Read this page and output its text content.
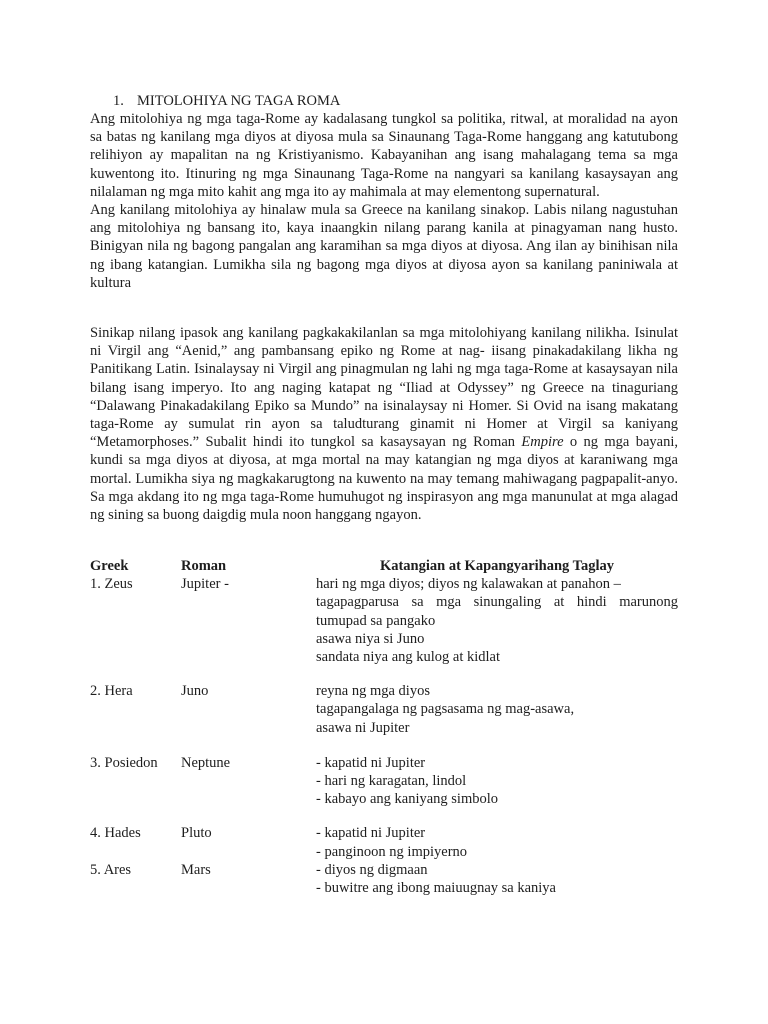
1. MITOLOHIYA NG TAGA ROMA

Ang mitolohiya ng mga taga-Rome ay kadalasang tungkol sa politika, ritwal, at moralidad na ayon sa batas ng kanilang mga diyos at diyosa mula sa Sinaunang Taga-Rome hanggang ang katutubong relihiyon ay mapalitan na ng Kristiyanismo. Kabayanihan ang isang mahalagang tema sa mga kuwentong ito. Itinuring ng mga Sinaunang Taga-Rome na nangyari sa kanilang kasaysayan ang nilalaman ng mga mito kahit ang mga ito ay mahimala at may elementong supernatural.

Ang kanilang mitolohiya ay hinalaw mula sa Greece na kanilang sinakop. Labis nilang nagustuhan ang mitolohiya ng bansang ito, kaya inaangkin nilang parang kanila at pinagyaman nang husto. Binigyan nila ng bagong pangalan ang karamihan sa mga diyos at diyosa. Ang ilan ay binihisan nila ng ibang katangian. Lumikha sila ng bagong mga diyos at diyosa ayon sa kanilang paniniwala at kultura

Sinikap nilang ipasok ang kanilang pagkakakilanlan sa mga mitolohiyang kanilang nilikha. Isinulat ni Virgil ang “Aenid,” ang pambansang epiko ng Rome at nag- iisang pinakadakilang likha ng Panitikang Latin. Isinalaysay ni Virgil ang pinagmulan ng lahi ng mga taga-Rome at kasaysayan nila bilang isang imperyo. Ito ang naging katapat ng “Iliad at Odyssey” ng Greece na tinaguriang “Dalawang Pinakadakilang Epiko sa Mundo” na isinalaysay ni Homer. Si Ovid na isang makatang taga-Rome ay sumulat rin ayon sa taludturang ginamit ni Homer at Virgil sa kaniyang “Metamorphoses.” Subalit hindi ito tungkol sa kasaysayan ng Roman Empire o ng mga bayani, kundi sa mga diyos at diyosa, at mga mortal na may katangian ng mga diyos at karaniwang mga mortal. Lumikha siya ng magkakarugtong na kuwento na may temang mahiwagang pagpapalit-anyo. Sa mga akdang ito ng mga taga-Rome humuhugot ng inspirasyon ang mga manunulat at mga alagad ng sining sa buong daigdig mula noon hanggang ngayon.

Greek	Roman	Katangian at Kapangyarihang Taglay
1. Zeus	Jupiter -	hari ng mga diyos; diyos ng kalawakan at panahon –
tagapagparusa sa mga sinungaling at hindi marunong
tumupad sa pangako
asawa niya si Juno
sandata niya ang kulog at kidlat
2. Hera	Juno	reyna ng mga diyos
tagapangalaga ng pagsasama ng mag-asawa,
asawa ni Jupiter
3. Posiedon	Neptune	- kapatid ni Jupiter
- hari ng karagatan, lindol
- kabayo ang kaniyang simbolo
4. Hades	Pluto	- kapatid ni Jupiter
- panginoon ng impiyerno
5. Ares	Mars	- diyos ng digmaan
- buwitre ang ibong maiuugnay sa kaniya
